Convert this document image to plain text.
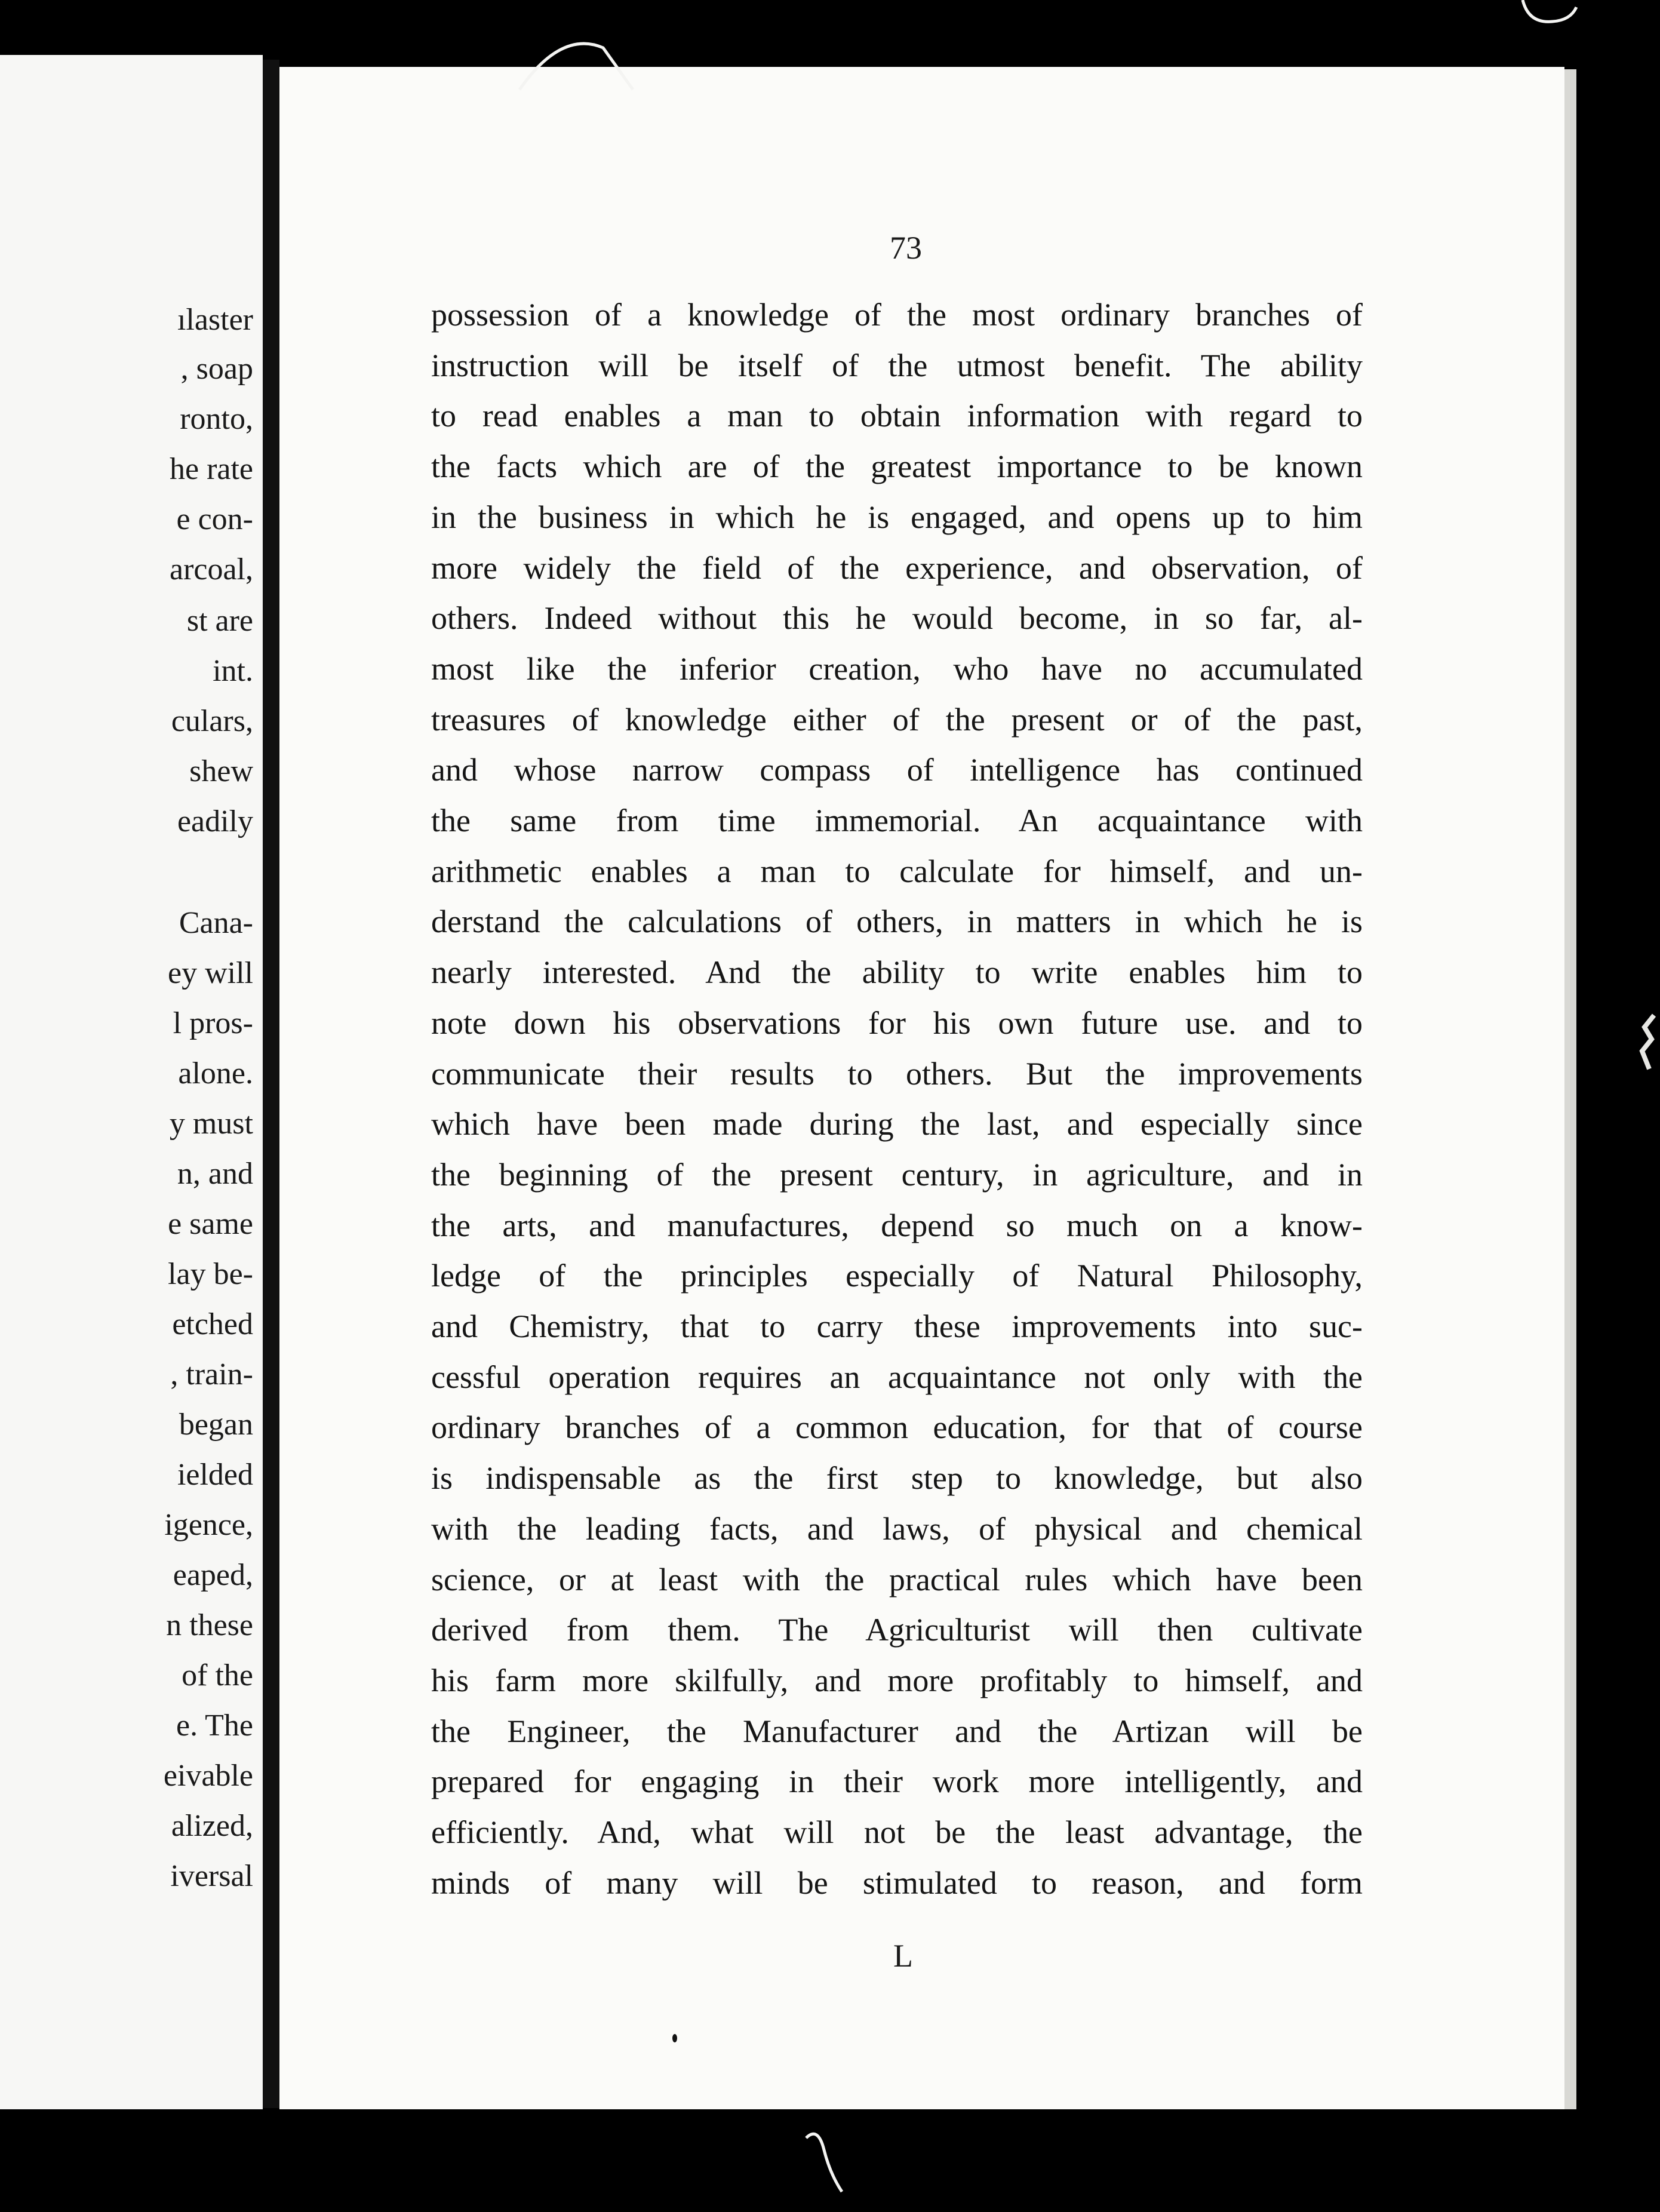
ılaster
, soap
ronto,
he rate
e con-
arcoal,
st are
int.
culars,
shew
eadily
Cana-
ey will
l pros-
alone.
y must
n, and
e same
lay be-
etched
, train-
began
ielded
igence,
eaped,
n these
of the
e. The
eivable
alized,
iversal
73
possession of a knowledge of the most ordinary branches of
instruction will be itself of the utmost benefit. The ability
to read enables a man to obtain information with regard to
the facts which are of the greatest importance to be known
in the business in which he is engaged, and opens up to him
more widely the field of the experience, and observation, of
others. Indeed without this he would become, in so far, al-
most like the inferior creation, who have no accumulated
treasures of knowledge either of the present or of the past,
and whose narrow compass of intelligence has continued
the same from time immemorial. An acquaintance with
arithmetic enables a man to calculate for himself, and un-
derstand the calculations of others, in matters in which he is
nearly interested. And the ability to write enables him to
note down his observations for his own future use. and to
communicate their results to others. But the improvements
which have been made during the last, and especially since
the beginning of the present century, in agriculture, and in
the arts, and manufactures, depend so much on a know-
ledge of the principles especially of Natural Philosophy,
and Chemistry, that to carry these improvements into suc-
cessful operation requires an acquaintance not only with the
ordinary branches of a common education, for that of course
is indispensable as the first step to knowledge, but also
with the leading facts, and laws, of physical and chemical
science, or at least with the practical rules which have been
derived from them. The Agriculturist will then cultivate
his farm more skilfully, and more profitably to himself, and
the Engineer, the Manufacturer and the Artizan will be
prepared for engaging in their work more intelligently, and
efficiently. And, what will not be the least advantage, the
minds of many will be stimulated to reason, and form
L
